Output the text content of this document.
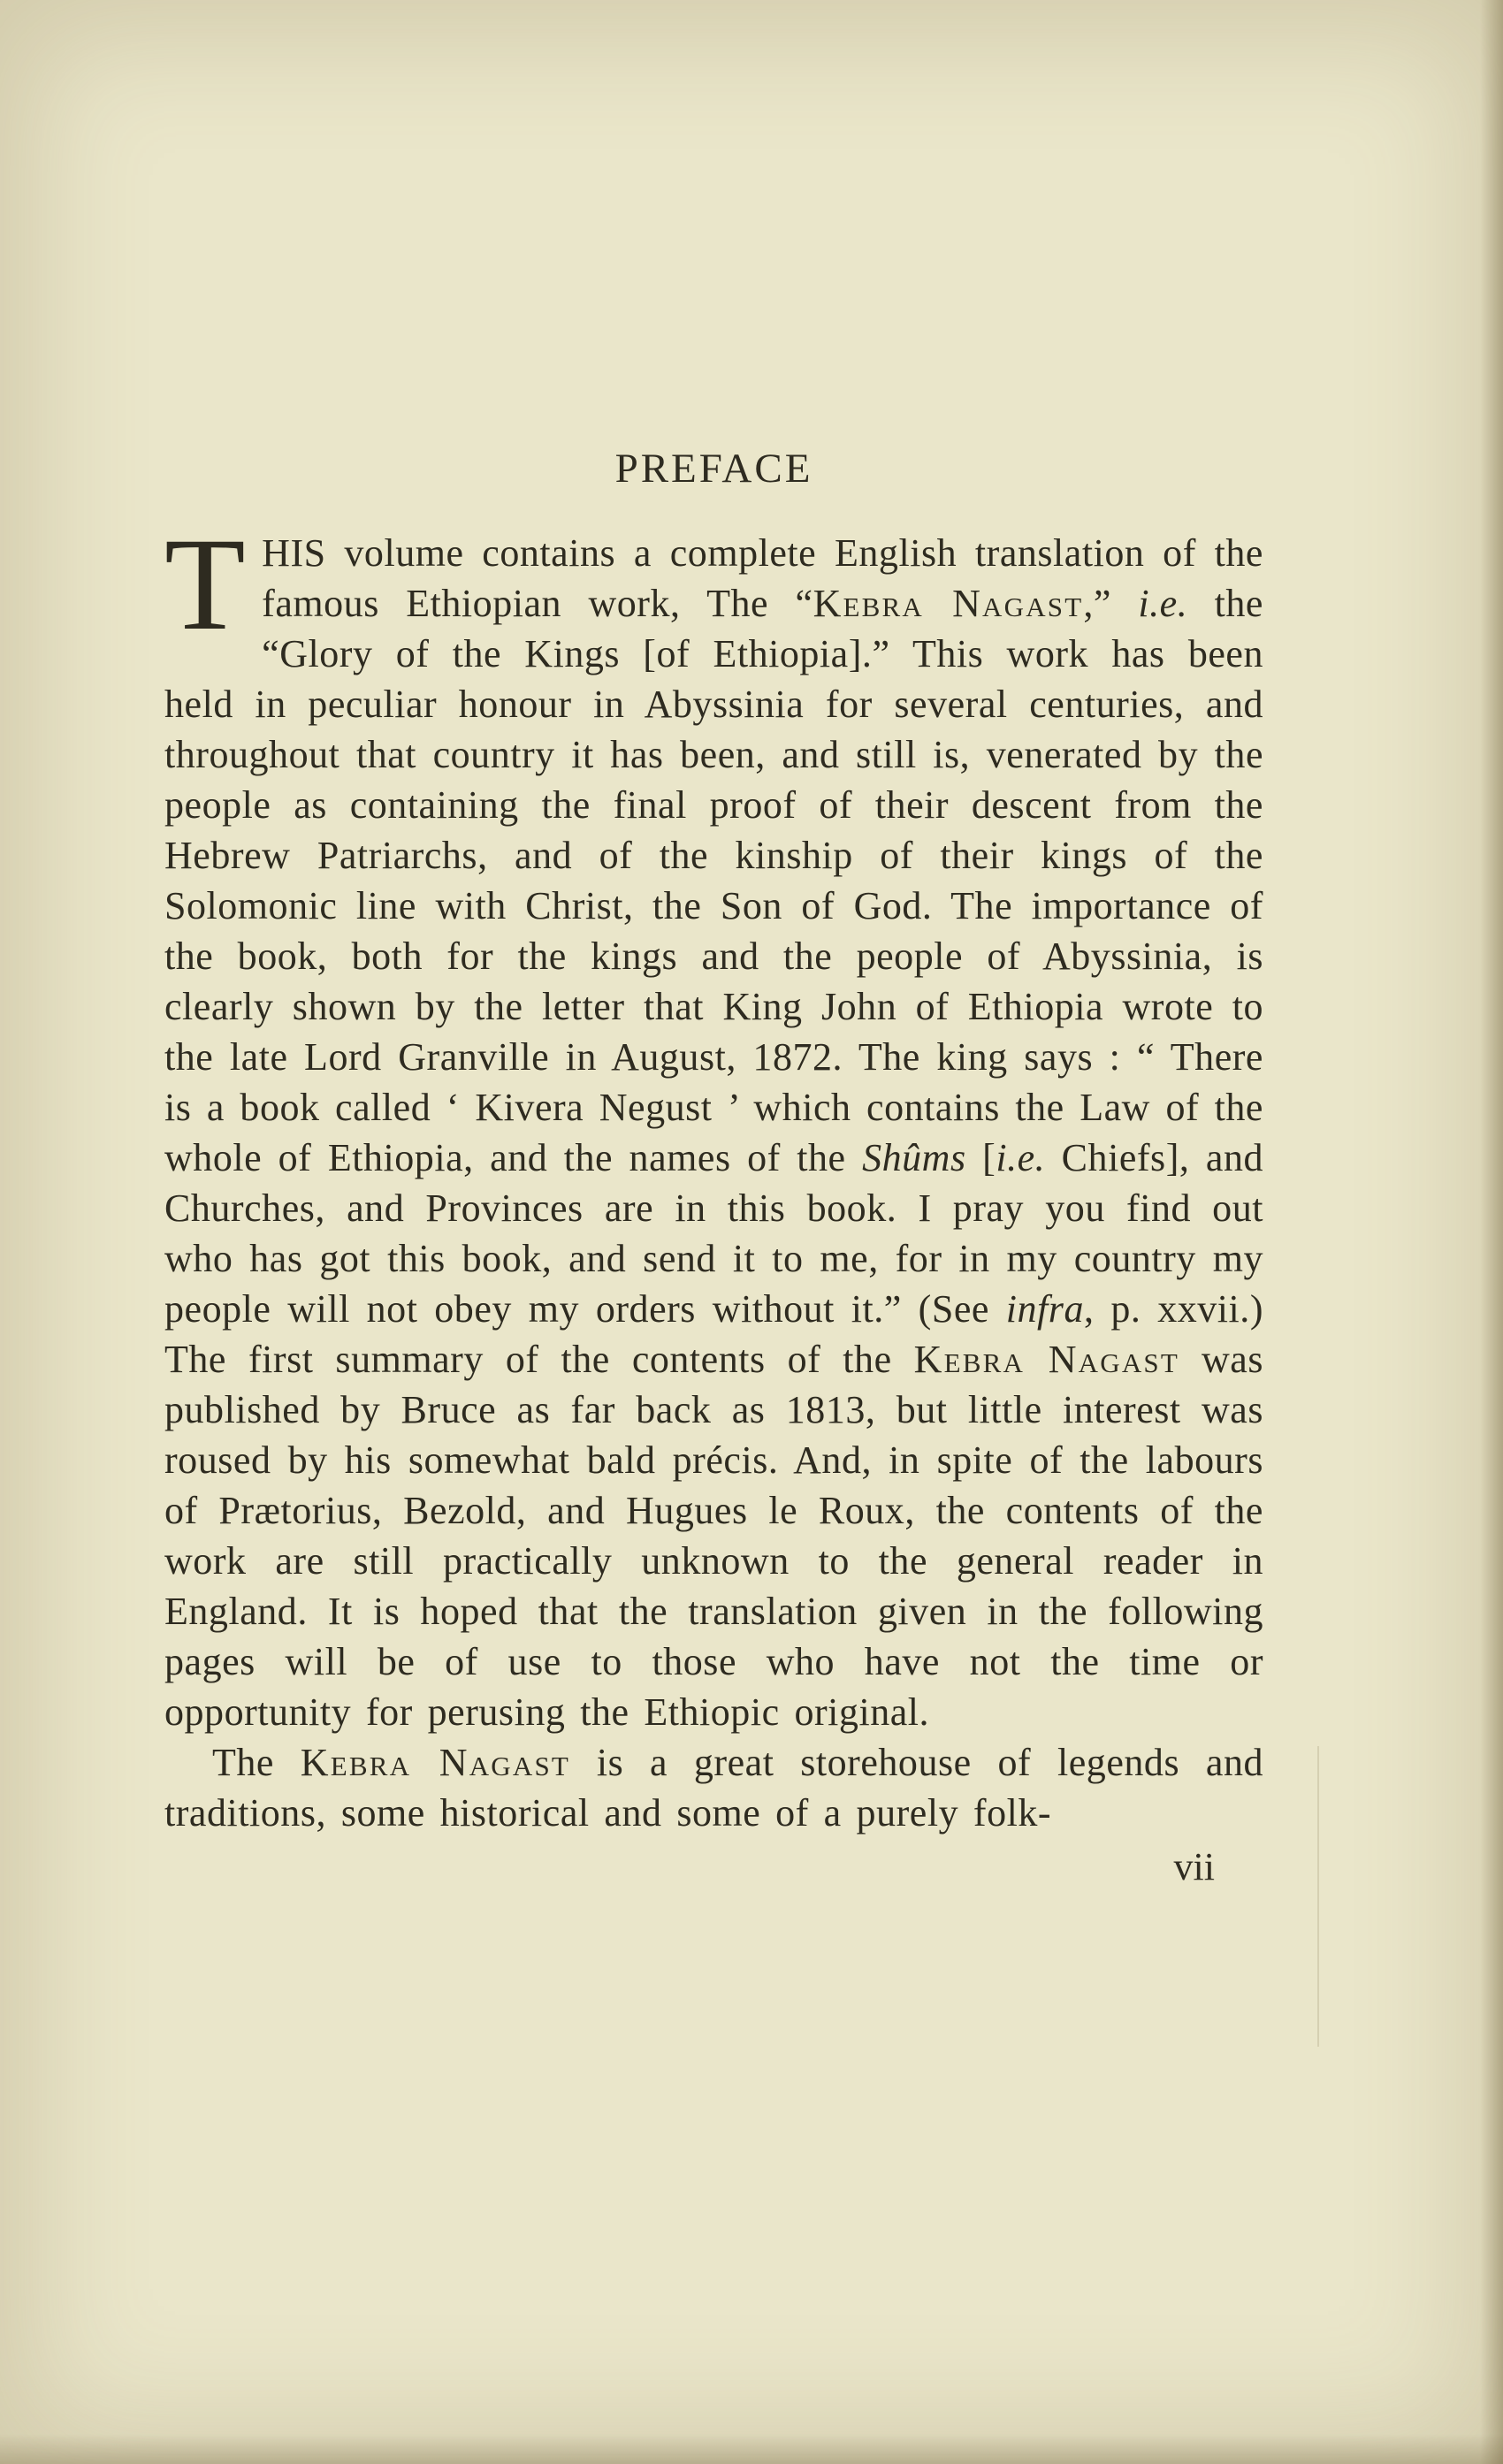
PREFACE

THIS volume contains a complete English translation of the famous Ethiopian work, The “Kebra Nagast,” i.e. the “Glory of the Kings [of Ethiopia].” This work has been held in peculiar honour in Abyssinia for several centuries, and throughout that country it has been, and still is, venerated by the people as containing the final proof of their descent from the Hebrew Patriarchs, and of the kinship of their kings of the Solomonic line with Christ, the Son of God. The importance of the book, both for the kings and the people of Abyssinia, is clearly shown by the letter that King John of Ethiopia wrote to the late Lord Granville in August, 1872. The king says : “ There is a book called ‘ Kivera Negust ’ which contains the Law of the whole of Ethiopia, and the names of the Shûms [i.e. Chiefs], and Churches, and Provinces are in this book. I pray you find out who has got this book, and send it to me, for in my country my people will not obey my orders without it.” (See infra, p. xxvii.) The first summary of the contents of the Kebra Nagast was published by Bruce as far back as 1813, but little interest was roused by his somewhat bald précis. And, in spite of the labours of Prætorius, Bezold, and Hugues le Roux, the contents of the work are still practically unknown to the general reader in England. It is hoped that the translation given in the following pages will be of use to those who have not the time or opportunity for perusing the Ethiopic original.

The Kebra Nagast is a great storehouse of legends and traditions, some historical and some of a purely folk-

vii
